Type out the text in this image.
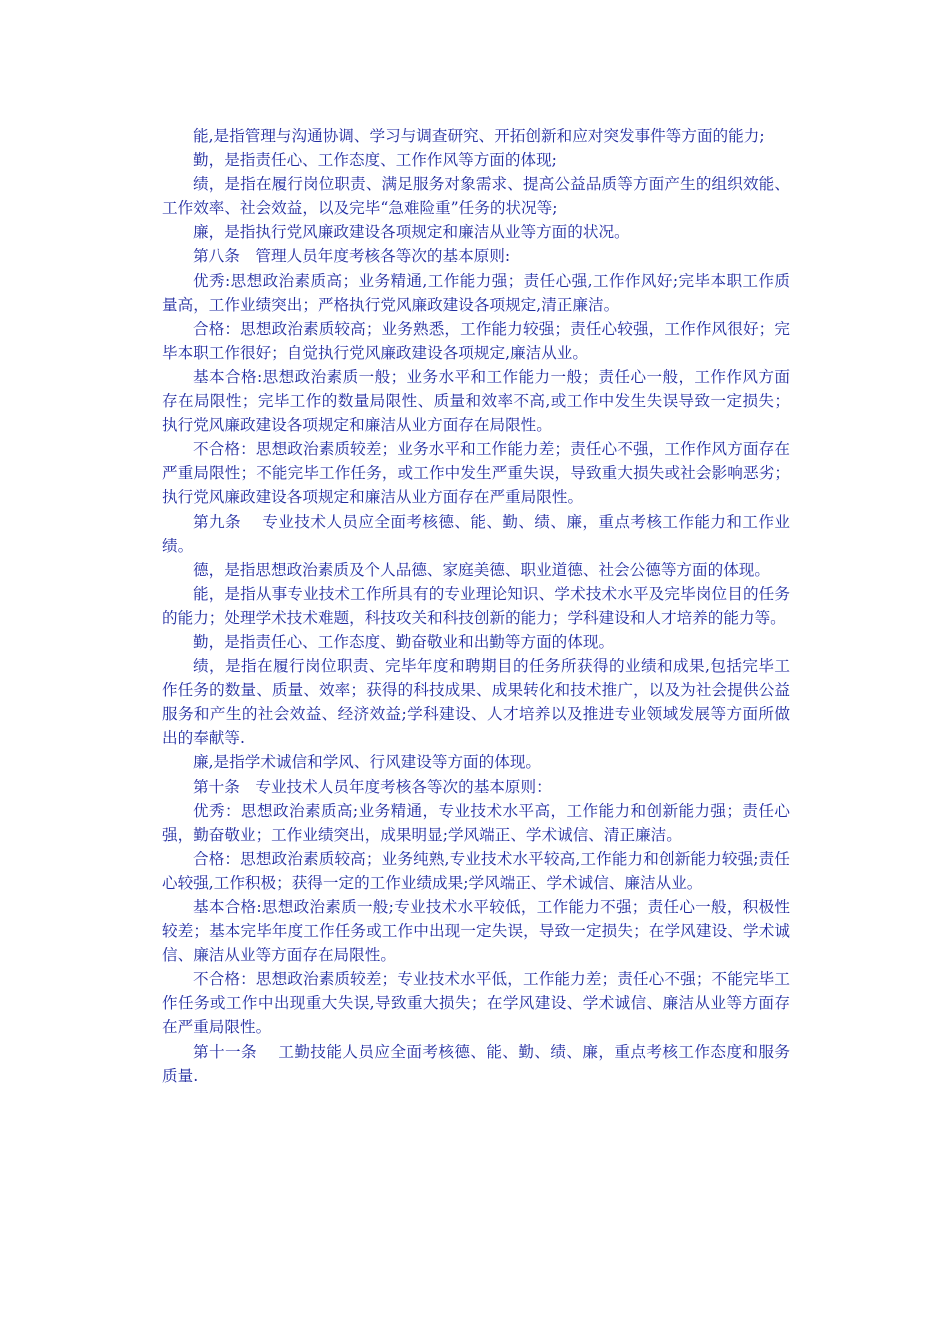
能,是指管理与沟通协调、学习与调查研究、开拓创新和应对突发事件等方面的能力;

勤，是指责任心、工作态度、工作作风等方面的体现;

绩，是指在履行岗位职责、满足服务对象需求、提高公益品质等方面产生的组织效能、工作效率、社会效益，以及完毕“急难险重”任务的状况等;

廉，是指执行党风廉政建设各项规定和廉洁从业等方面的状况。

第八条　管理人员年度考核各等次的基本原则:

优秀:思想政治素质高；业务精通,工作能力强；责任心强,工作作风好;完毕本职工作质量高，工作业绩突出；严格执行党风廉政建设各项规定,清正廉洁。

合格：思想政治素质较高；业务熟悉，工作能力较强；责任心较强，工作作风很好；完毕本职工作很好；自觉执行党风廉政建设各项规定,廉洁从业。

基本合格:思想政治素质一般；业务水平和工作能力一般；责任心一般，工作作风方面存在局限性；完毕工作的数量局限性、质量和效率不高,或工作中发生失误导致一定损失；执行党风廉政建设各项规定和廉洁从业方面存在局限性。

不合格：思想政治素质较差；业务水平和工作能力差；责任心不强，工作作风方面存在严重局限性；不能完毕工作任务，或工作中发生严重失误，导致重大损失或社会影响恶劣；执行党风廉政建设各项规定和廉洁从业方面存在严重局限性。

第九条　 专业技术人员应全面考核德、能、勤、绩、廉，重点考核工作能力和工作业绩。

德，是指思想政治素质及个人品德、家庭美德、职业道德、社会公德等方面的体现。

能，是指从事专业技术工作所具有的专业理论知识、学术技术水平及完毕岗位目的任务的能力；处理学术技术难题，科技攻关和科技创新的能力；学科建设和人才培养的能力等。

勤，是指责任心、工作态度、勤奋敬业和出勤等方面的体现。

绩，是指在履行岗位职责、完毕年度和聘期目的任务所获得的业绩和成果,包括完毕工作任务的数量、质量、效率；获得的科技成果、成果转化和技术推广，以及为社会提供公益服务和产生的社会效益、经济效益;学科建设、人才培养以及推进专业领域发展等方面所做出的奉献等.

廉,是指学术诚信和学风、行风建设等方面的体现。

第十条　专业技术人员年度考核各等次的基本原则：

优秀：思想政治素质高;业务精通，专业技术水平高，工作能力和创新能力强；责任心强，勤奋敬业；工作业绩突出，成果明显;学风端正、学术诚信、清正廉洁。

合格：思想政治素质较高；业务纯熟,专业技术水平较高,工作能力和创新能力较强;责任心较强,工作积极；获得一定的工作业绩成果;学风端正、学术诚信、廉洁从业。

基本合格:思想政治素质一般;专业技术水平较低，工作能力不强；责任心一般，积极性较差；基本完毕年度工作任务或工作中出现一定失误，导致一定损失；在学风建设、学术诚信、廉洁从业等方面存在局限性。

不合格：思想政治素质较差；专业技术水平低，工作能力差；责任心不强；不能完毕工作任务或工作中出现重大失误,导致重大损失；在学风建设、学术诚信、廉洁从业等方面存在严重局限性。

第十一条　 工勤技能人员应全面考核德、能、勤、绩、廉，重点考核工作态度和服务质量.
